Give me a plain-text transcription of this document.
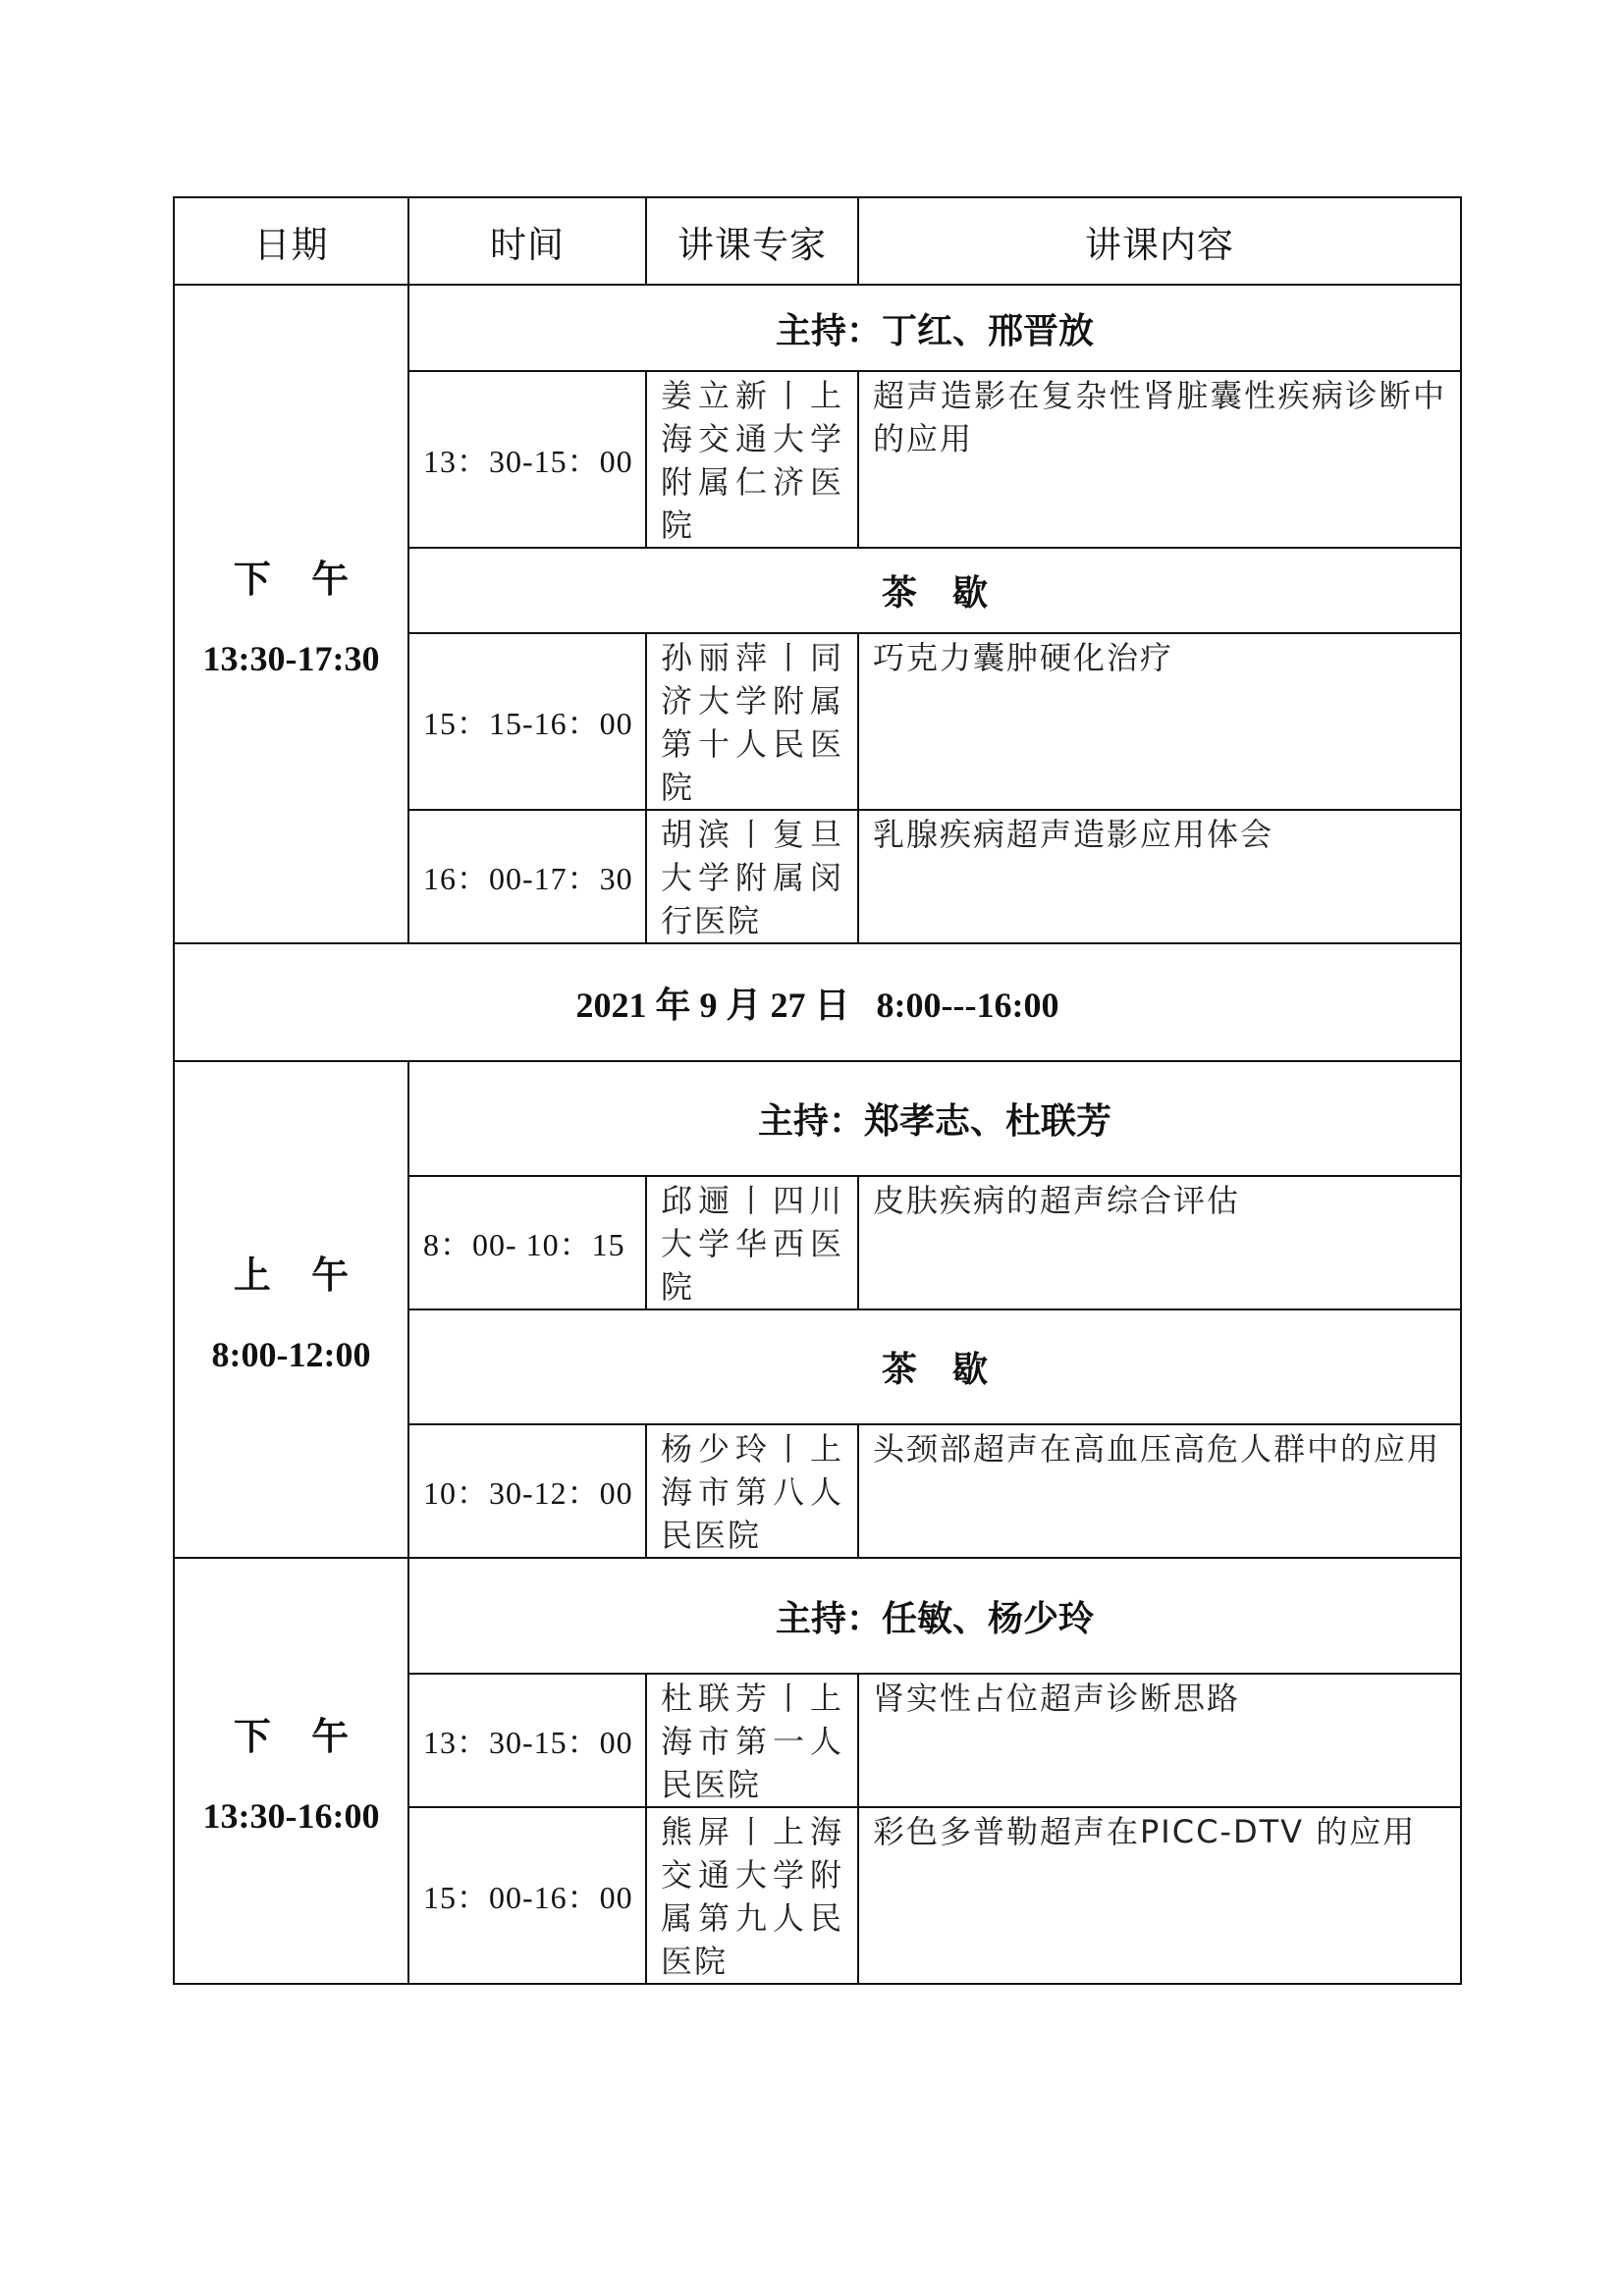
日期	时间	讲课专家	讲课内容

下 午
13:30-17:30	主持：丁红、邢晋放		
	13：30-15：00	姜立新丨上海交通大学附属仁济医院	超声造影在复杂性肾脏囊性疾病诊断中的应用
	茶歇		
	15：15-16：00	孙丽萍丨同济大学附属第十人民医院	巧克力囊肿硬化治疗
	16：00-17：30	胡滨丨复旦大学附属闵行医院	乳腺疾病超声造影应用体会
2021 年 9 月 27 日   8:00---16:00			

上 午
8:00-12:00	主持：郑孝志、杜联芳		
	8：00- 10：15	邱逦丨四川大学华西医院	皮肤疾病的超声综合评估
	茶歇		
	10：30-12：00	杨少玲丨上海市第八人民医院	头颈部超声在高血压高危人群中的应用

下 午
13:30-16:00	主持：任敏、杨少玲		
	13：30-15：00	杜联芳丨上海市第一人民医院	肾实性占位超声诊断思路
	15：00-16：00	熊屏丨上海交通大学附属第九人民医院	彩色多普勒超声在PICC-DTV 的应用
